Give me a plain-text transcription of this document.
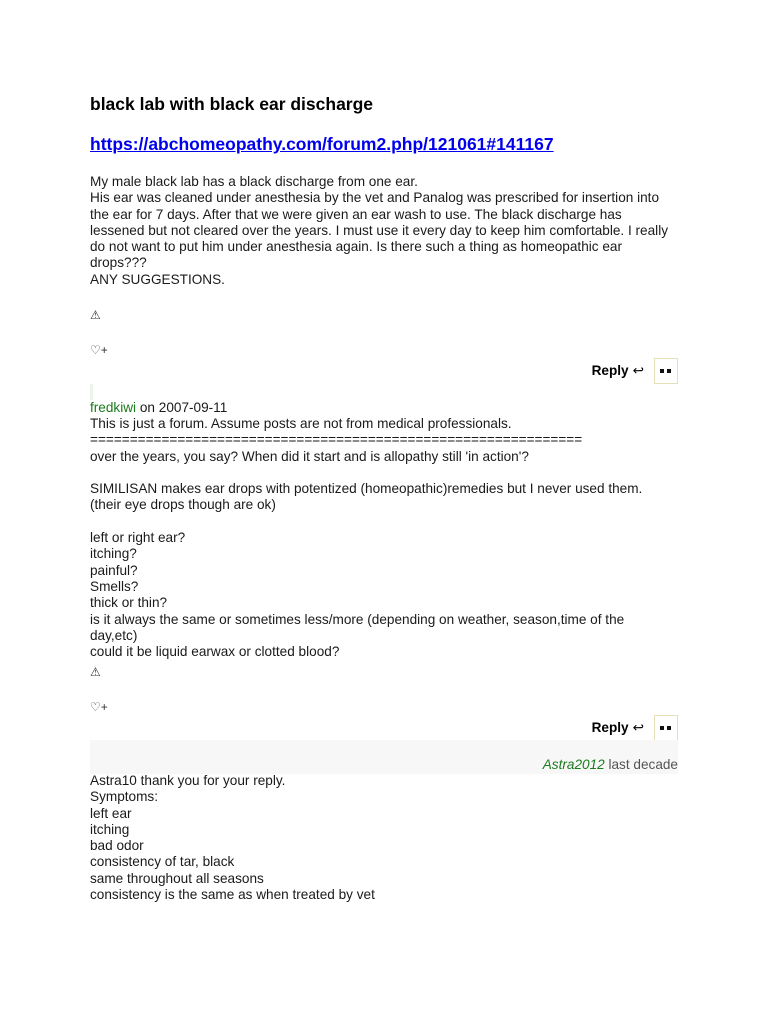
black lab with black ear discharge
https://abchomeopathy.com/forum2.php/121061#141167
My male black lab has a black discharge from one ear.
His ear was cleaned under anesthesia by the vet and Panalog was prescribed for insertion into
the ear for 7 days. After that we were given an ear wash to use. The black discharge has
lessened but not cleared over the years. I must use it every day to keep him comfortable. I really
do not want to put him under anesthesia again. Is there such a thing as homeopathic ear
drops???
ANY SUGGESTIONS.
⚠
♡+
Reply ↩
fredkiwi on 2007-09-11
This is just a forum. Assume posts are not from medical professionals.
==============================================================
over the years, you say? When did it start and is allopathy still 'in action'?
SIMILISAN makes ear drops with potentized (homeopathic)remedies but I never used them.
(their eye drops though are ok)
left or right ear?
itching?
painful?
Smells?
thick or thin?
is it always the same or sometimes less/more (depending on weather, season,time of the
day,etc)
could it be liquid earwax or clotted blood?
⚠
♡+
Reply ↩
Astra2012 last decade
Astra10 thank you for your reply.
Symptoms:
left ear
itching
bad odor
consistency of tar, black
same throughout all seasons
consistency is the same as when treated by vet
